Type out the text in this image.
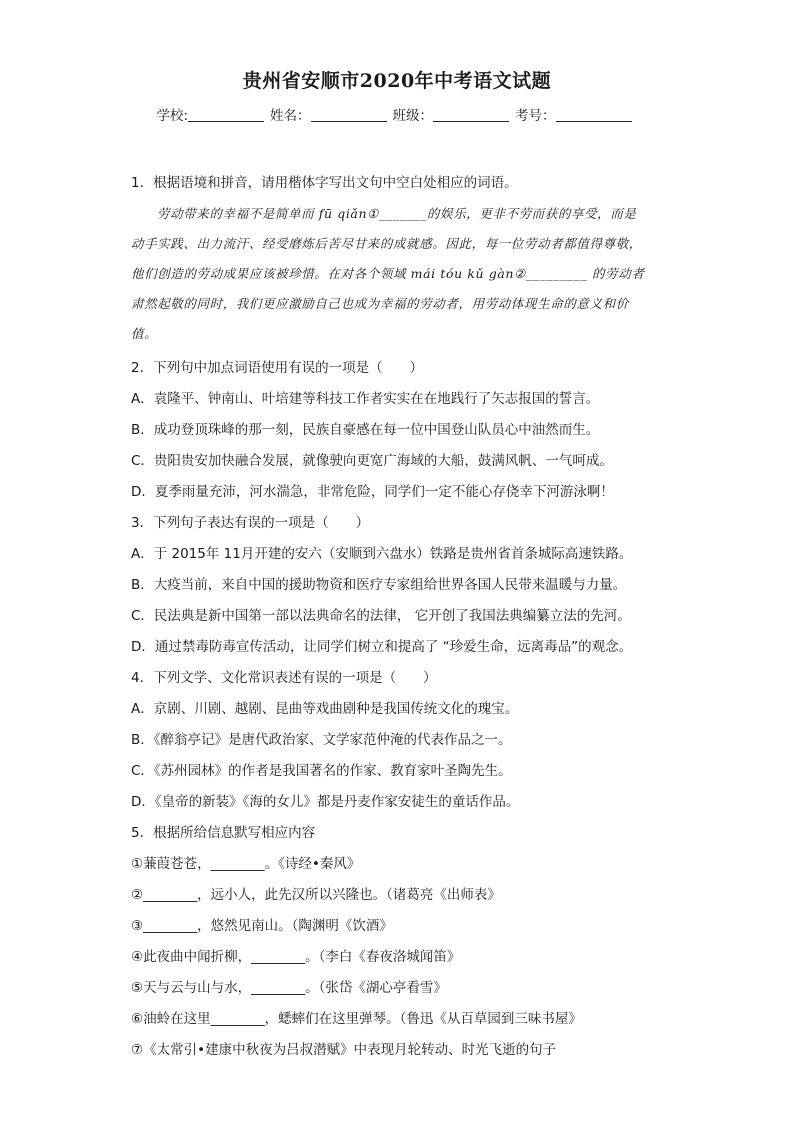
贵州省安顺市2020年中考语文试题
学校:	姓名：	班级：	考号：
1．根据语境和拼音，请用楷体字写出文句中空白处相应的词语。
劳动带来的幸福不是简单而 fū qiǎn①_______的娱乐，更非不劳而获的享受，而是
动手实践、出力流汗、经受磨炼后苦尽甘来的成就感。因此，每一位劳动者都值得尊敬，
他们创造的劳动成果应该被珍惜。在对各个领域 mái tóu kǔ gàn②_________ 的劳动者
肃然起敬的同时，我们更应激励自己也成为幸福的劳动者，用劳动体现生命的意义和价
值。
2．下列句中加点词语使用有误的一项是（　　）
A．袁隆平、钟南山、叶培建等科技工作者实实在在地践行了矢志报国的誓言。
B．成功登顶珠峰的那一刻，民族自豪感在每一位中国登山队员心中油然而生。
C．贵阳贵安加快融合发展，就像驶向更宽广海域的大船，鼓满风帆、一气呵成。
D．夏季雨量充沛，河水湍急，非常危险，同学们一定不能心存侥幸下河游泳啊！
3．下列句子表达有误的一项是（　　）
A．于 2015年 11月开建的安六（安顺到六盘水）铁路是贵州省首条城际高速铁路。
B．大疫当前，来自中国的援助物资和医疗专家组给世界各国人民带来温暖与力量。
C．民法典是新中国第一部以法典命名的法律， 它开创了我国法典编纂立法的先河。
D．通过禁毒防毒宣传活动，让同学们树立和提高了 “珍爱生命，远离毒品”的观念。
4．下列文学、文化常识表述有误的一项是（　　）
A．京剧、川剧、越剧、昆曲等戏曲剧种是我国传统文化的瑰宝。
B．《醉翁亭记》是唐代政治家、文学家范仲淹的代表作品之一。
C．《苏州园林》的作者是我国著名的作家、教育家叶圣陶先生。
D．《皇帝的新装》《海的女儿》都是丹麦作家安徒生的童话作品。
5．根据所给信息默写相应内容
①蒹葭苍苍，________。《诗经•秦风》
②________，远小人，此先汉所以兴隆也。（诸葛亮《出师表》
③________，悠然见南山。（陶渊明《饮酒》
④此夜曲中闻折柳，________。（李白《春夜洛城闻笛》
⑤天与云与山与水，________。（张岱《湖心亭看雪》
⑥油蛉在这里________，蟋蟀们在这里弹琴。（鲁迅《从百草园到三味书屋》
⑦《太常引•建康中秋夜为吕叔潜赋》中表现月轮转动、时光飞逝的句子
